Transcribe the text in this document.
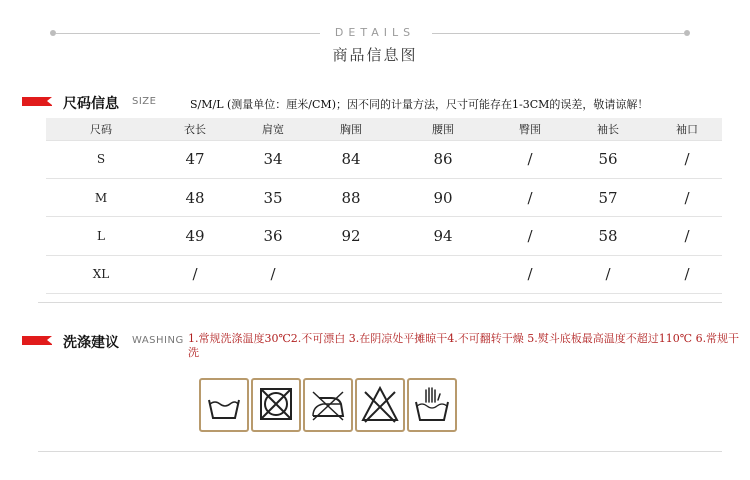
DETAILS
商品信息图
尺码信息 SIZE	S/M/L (测量单位：厘米/CM)；因不同的计量方法，尺寸可能存在1-3CM的误差，敬请谅解！
尺码	衣长	肩宽	胸围	腰围	臀围	袖长	袖口
S	47	34	84	86	/	56	/
M	48	35	88	90	/	57	/
L	49	36	92	94	/	58	/
XL	/	/			/	/	/
洗涤建议 WASHING 1.常规洗涤温度30℃2.不可漂白 3.在阴凉处平摊晾干4.不可翻转干燥 5.熨斗底板最高温度不超过110℃ 6.常规干洗
